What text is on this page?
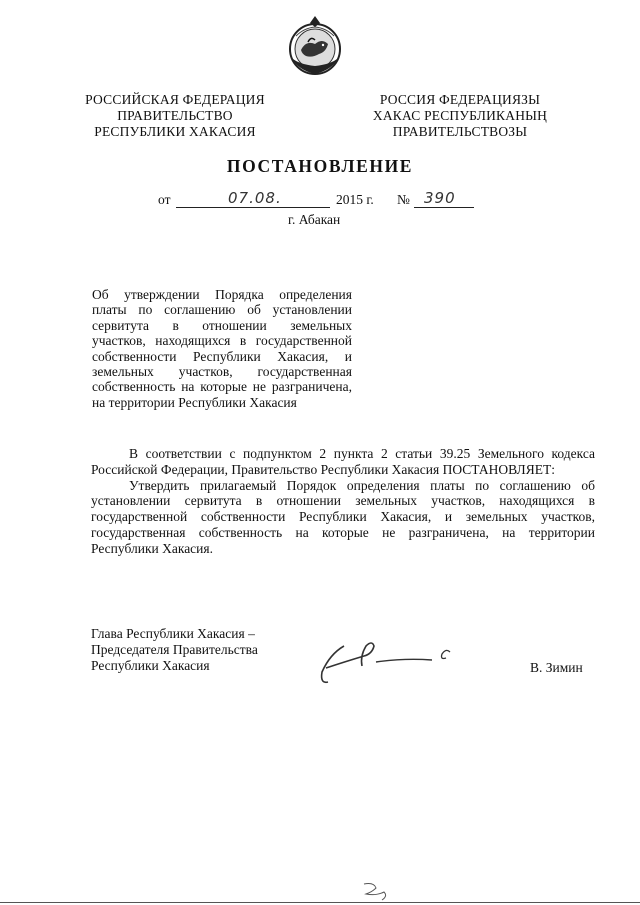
РОССИЙСКАЯ ФЕДЕРАЦИЯ
ПРАВИТЕЛЬСТВО
РЕСПУБЛИКИ ХАКАСИЯ
РОССИЯ ФЕДЕРАЦИЯЗЫ
ХАКАС РЕСПУБЛИКАНЫҢ
ПРАВИТЕЛЬСТВОЗЫ
ПОСТАНОВЛЕНИЕ
от	07.08.	2015 г. № 390
г. Абакан
Об утверждении Порядка определения
платы по соглашению об установлении
сервитута в отношении земельных
участков, находящихся в государственной
собственности Республики Хакасия, и
земельных участков, государственная
собственность на которые не разграничена,
на территории Республики Хакасия

В соответствии с подпунктом 2 пункта 2 статьи 39.25 Земельного кодекса Российской Федерации, Правительство Республики Хакасия ПОСТАНОВЛЯЕТ:

Утвердить прилагаемый Порядок определения платы по соглашению об установлении сервитута в отношении земельных участков, находящихся в государственной собственности Республики Хакасия, и земельных участков, государственная собственность на которые не разграничена, на территории Республики Хакасия.

Глава Республики Хакасия –
Председателя Правительства
Республики Хакасия	В. Зимин
